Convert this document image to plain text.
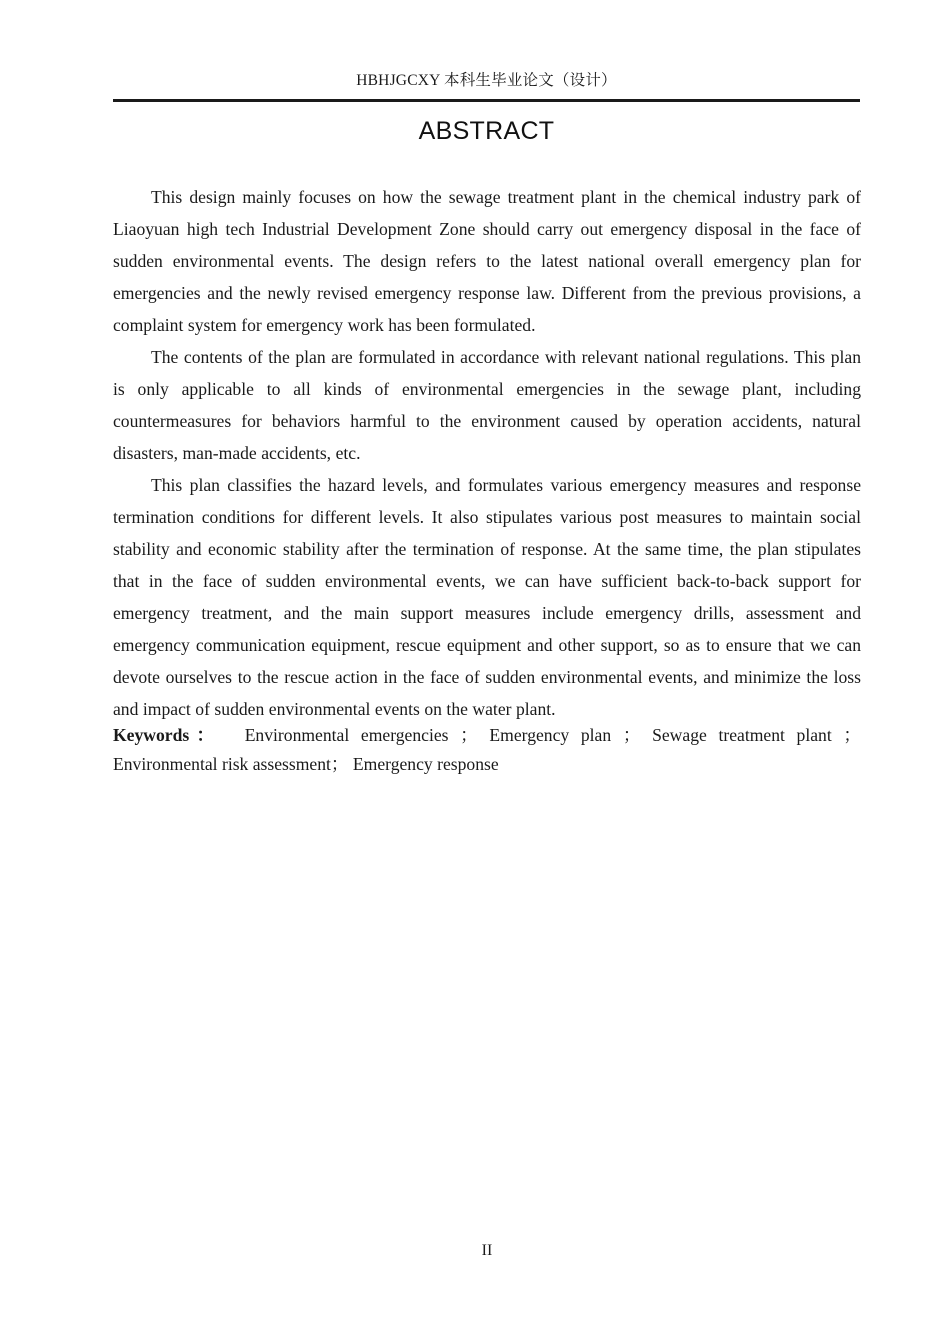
HBHJGCXY 本科生毕业论文（设计）
ABSTRACT

This design mainly focuses on how the sewage treatment plant in the chemical industry park of Liaoyuan high tech Industrial Development Zone should carry out emergency disposal in the face of sudden environmental events. The design refers to the latest national overall emergency plan for emergencies and the newly revised emergency response law. Different from the previous provisions, a complaint system for emergency work has been formulated.

The contents of the plan are formulated in accordance with relevant national regulations. This plan is only applicable to all kinds of environmental emergencies in the sewage plant, including countermeasures for behaviors harmful to the environment caused by operation accidents, natural disasters, man-made accidents, etc.

This plan classifies the hazard levels, and formulates various emergency measures and response termination conditions for different levels. It also stipulates various post measures to maintain social stability and economic stability after the termination of response. At the same time, the plan stipulates that in the face of sudden environmental events, we can have sufficient back-to-back support for emergency treatment, and the main support measures include emergency drills, assessment and emergency communication equipment, rescue equipment and other support, so as to ensure that we can devote ourselves to the rescue action in the face of sudden environmental events, and minimize the loss and impact of sudden environmental events on the water plant.

Keywords： Environmental emergencies ； Emergency plan ； Sewage treatment plant ；

Environmental risk assessment； Emergency response

II
